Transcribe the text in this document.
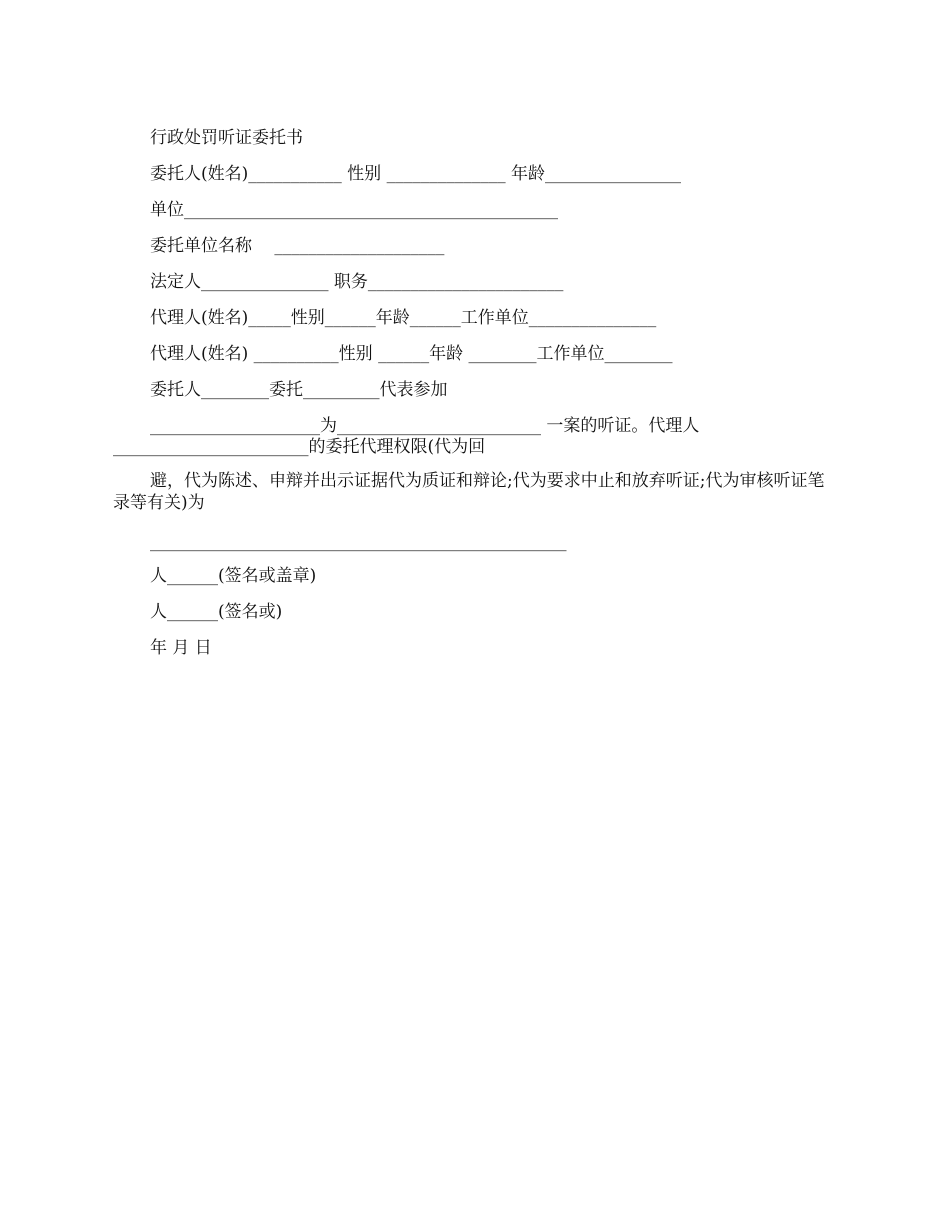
行政处罚听证委托书
委托人(姓名)___________ 性别 ______________ 年龄________________
单位____________________________________________
委托单位名称　 ____________________
法定人_______________ 职务_______________________
代理人(姓名)_____性别______年龄______工作单位_______________
代理人(姓名) __________性别 ______年龄 ________工作单位________
委托人________委托_________代表参加
____________________为________________________ 一案的听证。代理人
_______________________的委托代理权限(代为回
避，代为陈述、申辩并出示证据代为质证和辩论;代为要求中止和放弃听证;代为审核听证笔录等有关)为
_________________________________________________
人______(签名或盖章)
人______(签名或)
年 月 日
